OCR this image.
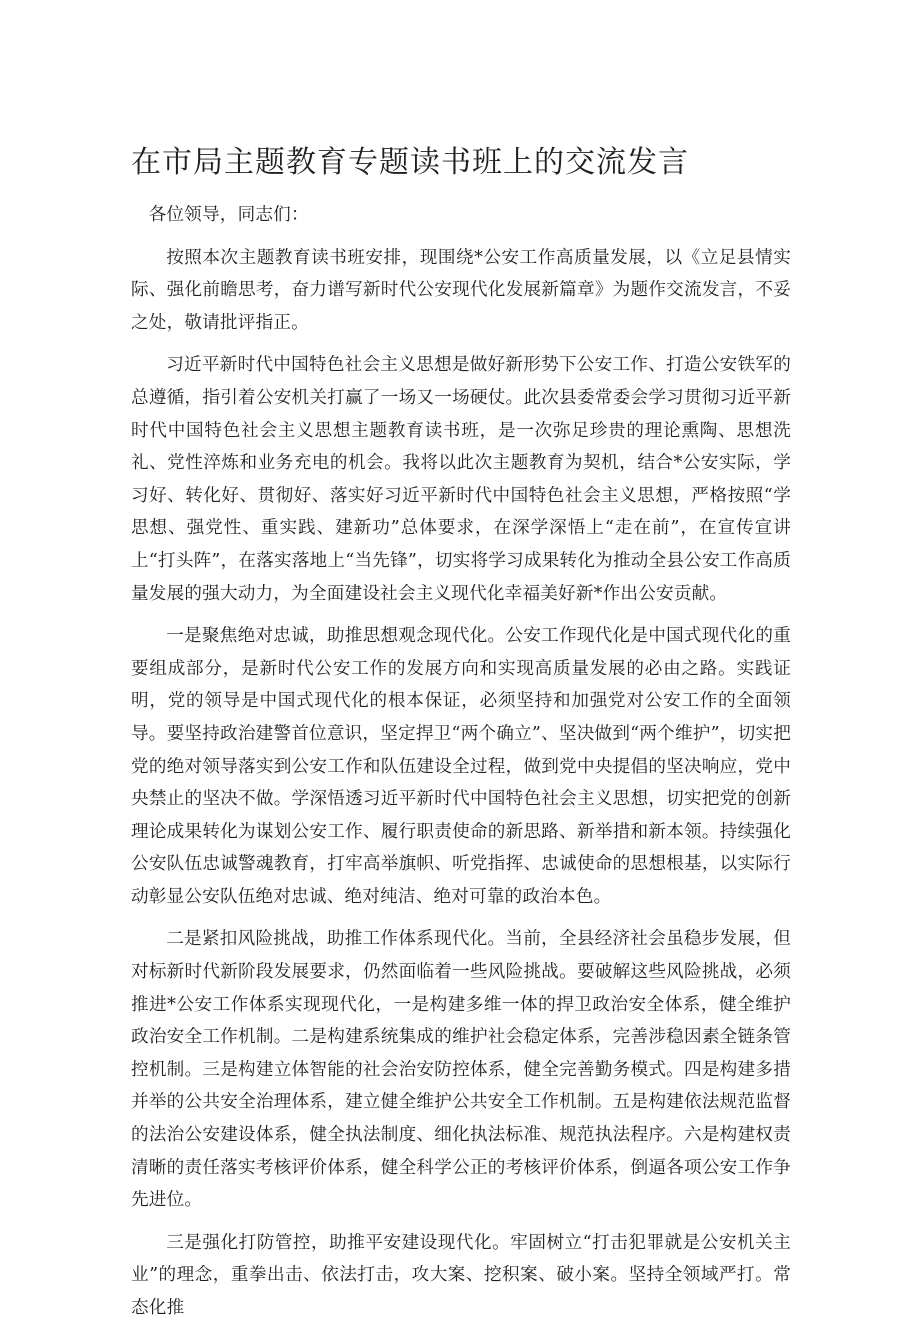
在市局主题教育专题读书班上的交流发言

各位领导，同志们：

按照本次主题教育读书班安排，现围绕*公安工作高质量发展，以《立足县情实际、强化前瞻思考，奋力谱写新时代公安现代化发展新篇章》为题作交流发言，不妥之处，敬请批评指正。

习近平新时代中国特色社会主义思想是做好新形势下公安工作、打造公安铁军的总遵循，指引着公安机关打赢了一场又一场硬仗。此次县委常委会学习贯彻习近平新时代中国特色社会主义思想主题教育读书班，是一次弥足珍贵的理论熏陶、思想洗礼、党性淬炼和业务充电的机会。我将以此次主题教育为契机，结合*公安实际，学习好、转化好、贯彻好、落实好习近平新时代中国特色社会主义思想，严格按照“学思想、强党性、重实践、建新功”总体要求，在深学深悟上“走在前”，在宣传宣讲上“打头阵”，在落实落地上“当先锋”，切实将学习成果转化为推动全县公安工作高质量发展的强大动力，为全面建设社会主义现代化幸福美好新*作出公安贡献。

一是聚焦绝对忠诚，助推思想观念现代化。公安工作现代化是中国式现代化的重要组成部分，是新时代公安工作的发展方向和实现高质量发展的必由之路。实践证明，党的领导是中国式现代化的根本保证，必须坚持和加强党对公安工作的全面领导。要坚持政治建警首位意识，坚定捍卫“两个确立”、坚决做到“两个维护”，切实把党的绝对领导落实到公安工作和队伍建设全过程，做到党中央提倡的坚决响应，党中央禁止的坚决不做。学深悟透习近平新时代中国特色社会主义思想，切实把党的创新理论成果转化为谋划公安工作、履行职责使命的新思路、新举措和新本领。持续强化公安队伍忠诚警魂教育，打牢高举旗帜、听党指挥、忠诚使命的思想根基，以实际行动彰显公安队伍绝对忠诚、绝对纯洁、绝对可靠的政治本色。

二是紧扣风险挑战，助推工作体系现代化。当前，全县经济社会虽稳步发展，但对标新时代新阶段发展要求，仍然面临着一些风险挑战。要破解这些风险挑战，必须推进*公安工作体系实现现代化，一是构建多维一体的捍卫政治安全体系，健全维护政治安全工作机制。二是构建系统集成的维护社会稳定体系，完善涉稳因素全链条管控机制。三是构建立体智能的社会治安防控体系，健全完善勤务模式。四是构建多措并举的公共安全治理体系，建立健全维护公共安全工作机制。五是构建依法规范监督的法治公安建设体系，健全执法制度、细化执法标准、规范执法程序。六是构建权责清晰的责任落实考核评价体系，健全科学公正的考核评价体系，倒逼各项公安工作争先进位。

三是强化打防管控，助推平安建设现代化。牢固树立“打击犯罪就是公安机关主业”的理念，重拳出击、依法打击，攻大案、挖积案、破小案。坚持全领域严打。常态化推
